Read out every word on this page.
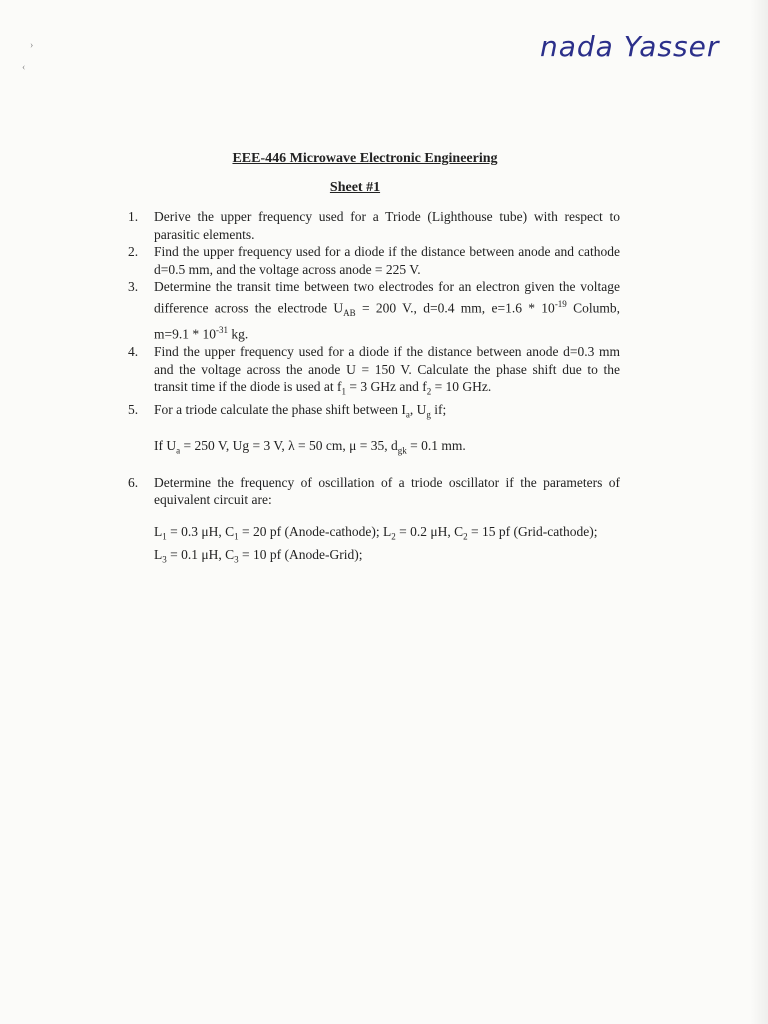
›
‹
nada Yasser
EEE-446 Microwave Electronic Engineering
Sheet #1
1.	Derive the upper frequency used for a Triode (Lighthouse tube) with respect to parasitic elements.
2.	Find the upper frequency used for a diode if the distance between anode and cathode d=0.5 mm, and the voltage across anode = 225 V.
3.	Determine the transit time between two electrodes for an electron given the voltage difference across the electrode $U_{AB} = 200$ V., d=0.4 mm, $e=1.6 * 10^{-19}$ Columb, $m=9.1 * 10^{-31}$ kg.
4.	Find the upper frequency used for a diode if the distance between anode d=0.3 mm and the voltage across the anode U = 150 V. Calculate the phase shift due to the transit time if the diode is used at $f_1 = 3$ GHz and $f_2 = 10$ GHz.
5.	For a triode calculate the phase shift between $I_a$, $U_g$ if;
If $U_a = 250$ V, Ug = 3 V, λ = 50 cm, μ = 35, $d_{gk} = 0.1$ mm.
6.	Determine the frequency of oscillation of a triode oscillator if the parameters of equivalent circuit are:
$L_1 = 0.3$ μH, $C_1 = 20$ pf (Anode-cathode); $L_2 = 0.2$ μH, $C_2 = 15$ pf (Grid-cathode);
$L_3 = 0.1$ μH, $C_3 = 10$ pf (Anode-Grid);
